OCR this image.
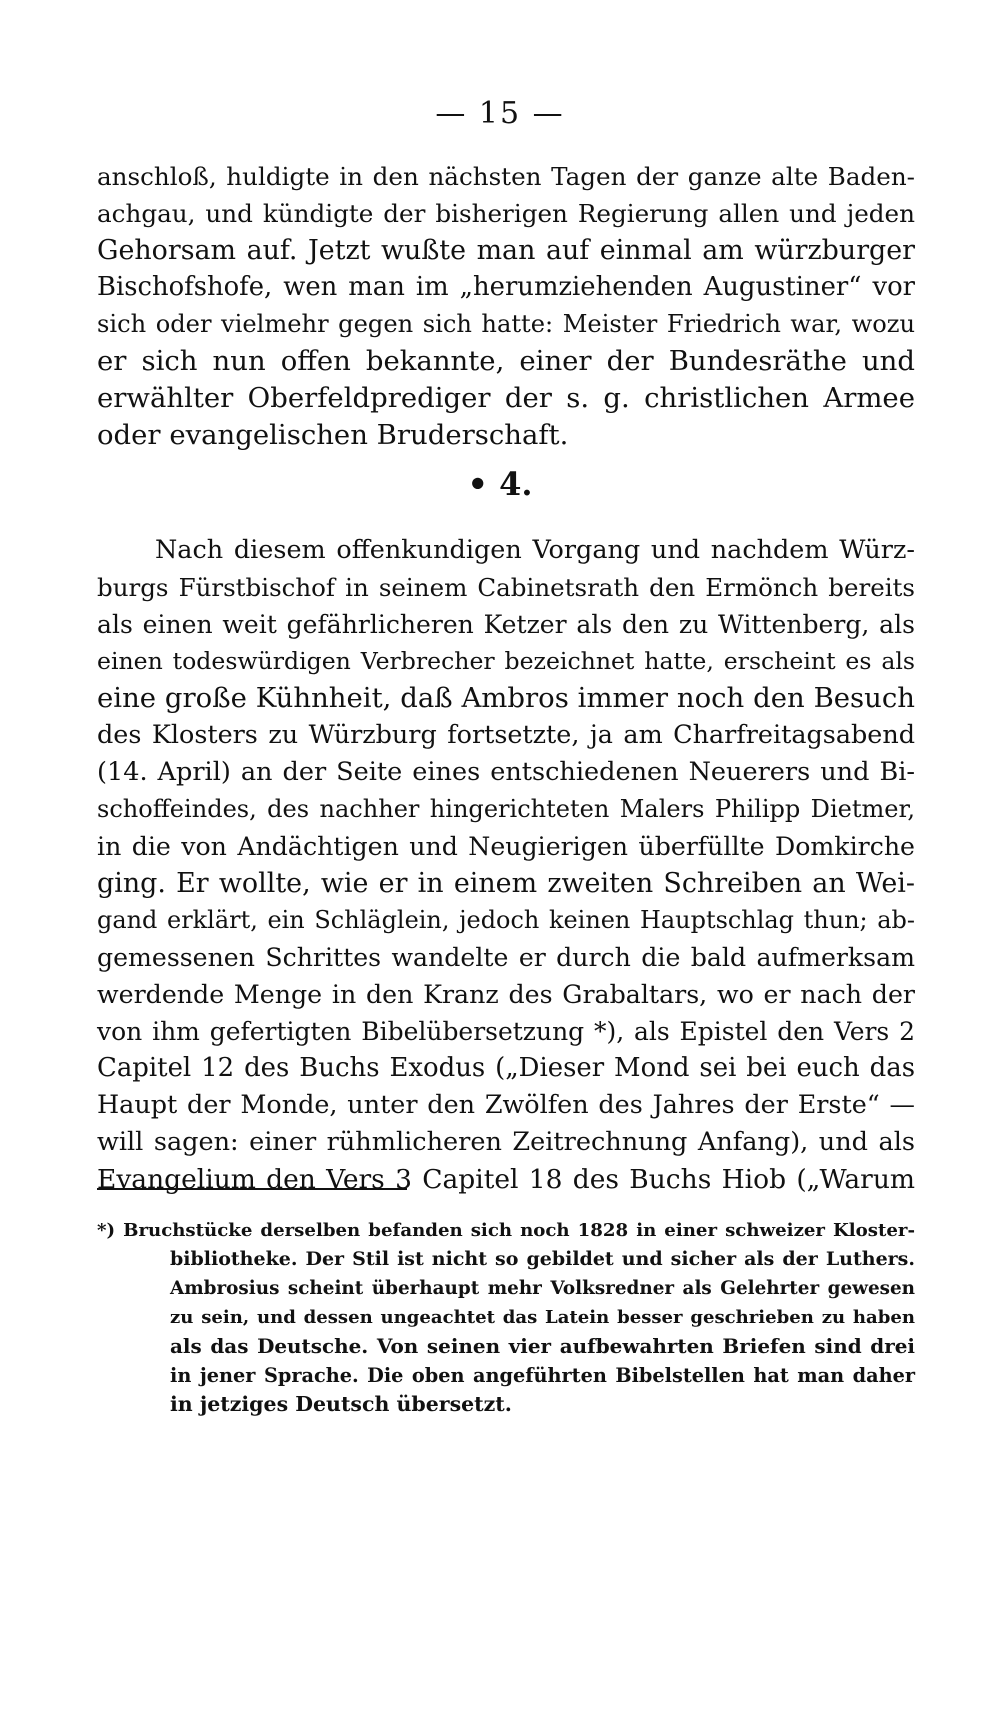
— 15 —
anschloß, huldigte in den nächsten Tagen der ganze alte Baden-
achgau, und kündigte der bisherigen Regierung allen und jeden
Gehorsam auf. Jetzt wußte man auf einmal am würzburger
Bischofshofe, wen man im „herumziehenden Augustiner“ vor
sich oder vielmehr gegen sich hatte: Meister Friedrich war, wozu
er sich nun offen bekannte, einer der Bundesräthe und
erwählter Oberfeldprediger der s. g. christlichen Armee
oder evangelischen Bruderschaft.
• 4.
Nach diesem offenkundigen Vorgang und nachdem Würz-
burgs Fürstbischof in seinem Cabinetsrath den Ermönch bereits
als einen weit gefährlicheren Ketzer als den zu Wittenberg, als
einen todeswürdigen Verbrecher bezeichnet hatte, erscheint es als
eine große Kühnheit, daß Ambros immer noch den Besuch
des Klosters zu Würzburg fortsetzte, ja am Charfreitagsabend
(14. April) an der Seite eines entschiedenen Neuerers und Bi-
schoffeindes, des nachher hingerichteten Malers Philipp Dietmer,
in die von Andächtigen und Neugierigen überfüllte Domkirche
ging. Er wollte, wie er in einem zweiten Schreiben an Wei-
gand erklärt, ein Schläglein, jedoch keinen Hauptschlag thun; ab-
gemessenen Schrittes wandelte er durch die bald aufmerksam
werdende Menge in den Kranz des Grabaltars, wo er nach der
von ihm gefertigten Bibelübersetzung *), als Epistel den Vers 2
Capitel 12 des Buchs Exodus („Dieser Mond sei bei euch das
Haupt der Monde, unter den Zwölfen des Jahres der Erste“ —
will sagen: einer rühmlicheren Zeitrechnung Anfang), und als
Evangelium den Vers 3 Capitel 18 des Buchs Hiob („Warum
*) Bruchstücke derselben befanden sich noch 1828 in einer schweizer Kloster-
bibliotheke. Der Stil ist nicht so gebildet und sicher als der Luthers.
Ambrosius scheint überhaupt mehr Volksredner als Gelehrter gewesen
zu sein, und dessen ungeachtet das Latein besser geschrieben zu haben
als das Deutsche. Von seinen vier aufbewahrten Briefen sind drei
in jener Sprache. Die oben angeführten Bibelstellen hat man daher
in jetziges Deutsch übersetzt.
